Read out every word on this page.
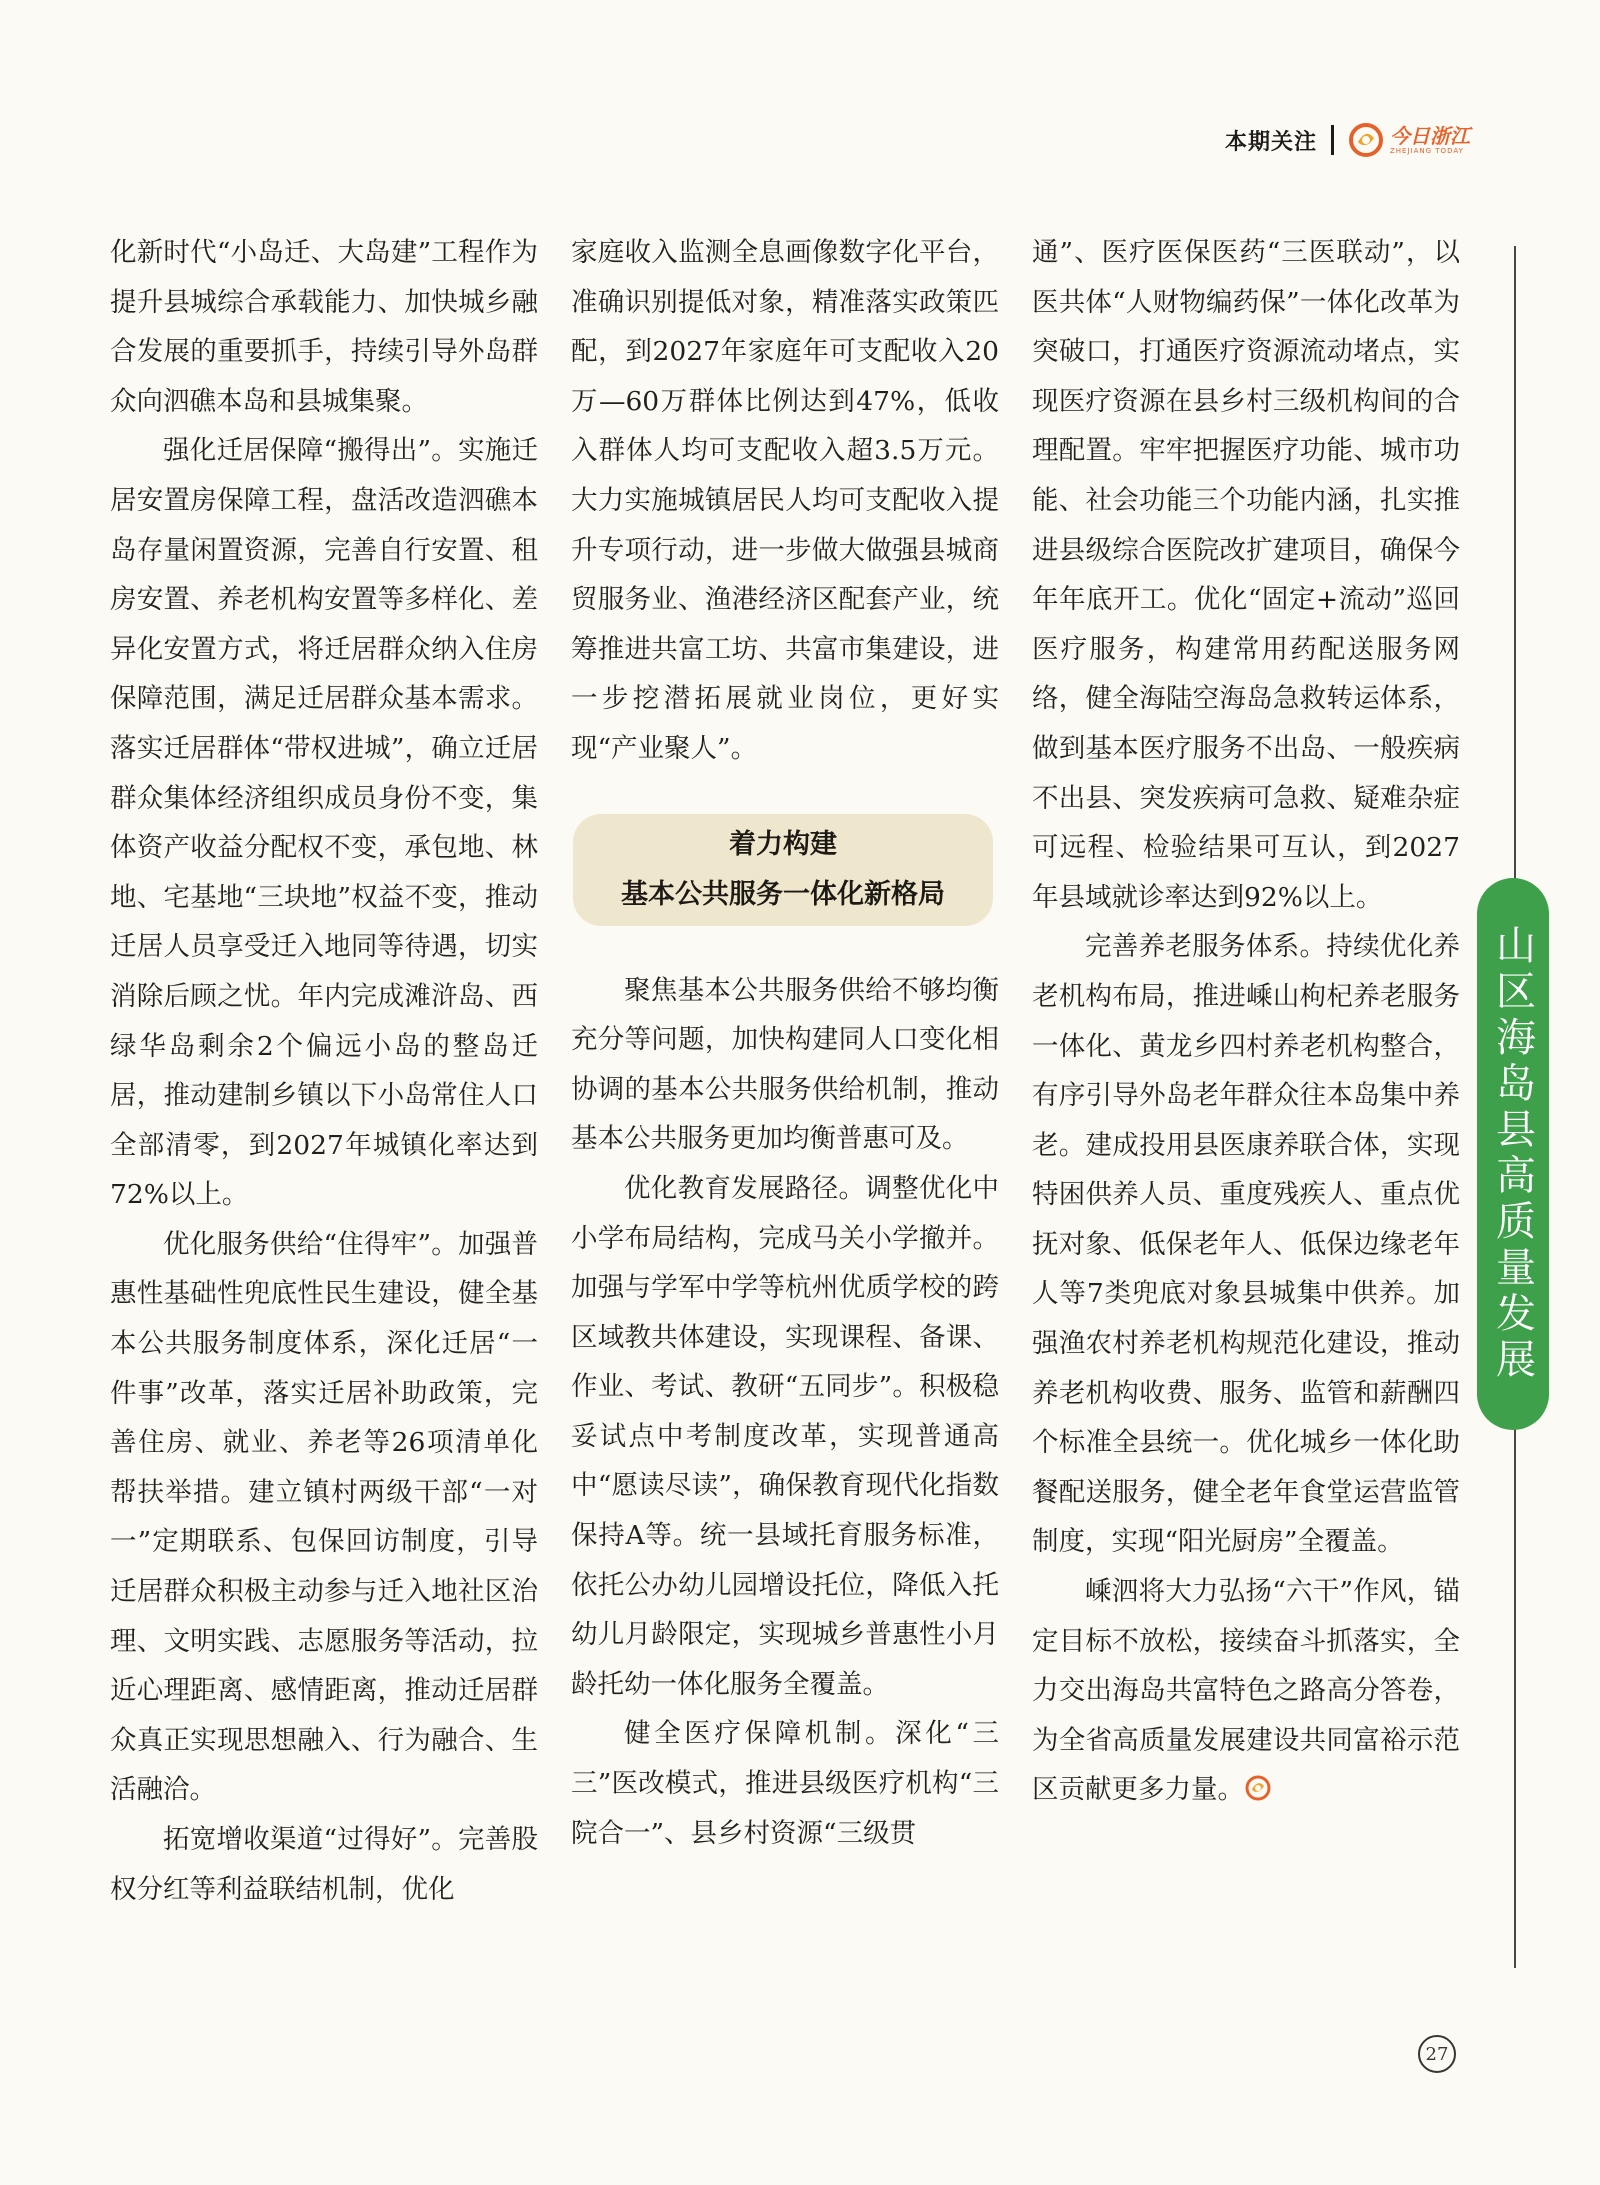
本期关注	今日浙江
ZHEJIANG TODAY

化新时代“小岛迁、大岛建”工程作为提升县城综合承载能力、加快城乡融合发展的重要抓手，持续引导外岛群众向泗礁本岛和县城集聚。

强化迁居保障“搬得出”。实施迁居安置房保障工程，盘活改造泗礁本岛存量闲置资源，完善自行安置、租房安置、养老机构安置等多样化、差异化安置方式，将迁居群众纳入住房保障范围，满足迁居群众基本需求。落实迁居群体“带权进城”，确立迁居群众集体经济组织成员身份不变，集体资产收益分配权不变，承包地、林地、宅基地“三块地”权益不变，推动迁居人员享受迁入地同等待遇，切实消除后顾之忧。年内完成滩浒岛、西绿华岛剩余2个偏远小岛的整岛迁居，推动建制乡镇以下小岛常住人口全部清零，到2027年城镇化率达到72%以上。

优化服务供给“住得牢”。加强普惠性基础性兜底性民生建设，健全基本公共服务制度体系，深化迁居“一件事”改革，落实迁居补助政策，完善住房、就业、养老等26项清单化帮扶举措。建立镇村两级干部“一对一”定期联系、包保回访制度，引导迁居群众积极主动参与迁入地社区治理、文明实践、志愿服务等活动，拉近心理距离、感情距离，推动迁居群众真正实现思想融入、行为融合、生活融洽。

拓宽增收渠道“过得好”。完善股权分红等利益联结机制，优化

家庭收入监测全息画像数字化平台，准确识别提低对象，精准落实政策匹配，到2027年家庭年可支配收入20万—60万群体比例达到47%，低收入群体人均可支配收入超3.5万元。大力实施城镇居民人均可支配收入提升专项行动，进一步做大做强县城商贸服务业、渔港经济区配套产业，统筹推进共富工坊、共富市集建设，进一步挖潜拓展就业岗位，更好实现“产业聚人”。

着力构建
基本公共服务一体化新格局

聚焦基本公共服务供给不够均衡充分等问题，加快构建同人口变化相协调的基本公共服务供给机制，推动基本公共服务更加均衡普惠可及。

优化教育发展路径。调整优化中小学布局结构，完成马关小学撤并。加强与学军中学等杭州优质学校的跨区域教共体建设，实现课程、备课、作业、考试、教研“五同步”。积极稳妥试点中考制度改革，实现普通高中“愿读尽读”，确保教育现代化指数保持A等。统一县域托育服务标准，依托公办幼儿园增设托位，降低入托幼儿月龄限定，实现城乡普惠性小月龄托幼一体化服务全覆盖。

健全医疗保障机制。深化“三三”医改模式，推进县级医疗机构“三院合一”、县乡村资源“三级贯

通”、医疗医保医药“三医联动”，以医共体“人财物编药保”一体化改革为突破口，打通医疗资源流动堵点，实现医疗资源在县乡村三级机构间的合理配置。牢牢把握医疗功能、城市功能、社会功能三个功能内涵，扎实推进县级综合医院改扩建项目，确保今年年底开工。优化“固定+流动”巡回医疗服务，构建常用药配送服务网络，健全海陆空海岛急救转运体系，做到基本医疗服务不出岛、一般疾病不出县、突发疾病可急救、疑难杂症可远程、检验结果可互认，到2027年县域就诊率达到92%以上。

完善养老服务体系。持续优化养老机构布局，推进嵊山枸杞养老服务一体化、黄龙乡四村养老机构整合，有序引导外岛老年群众往本岛集中养老。建成投用县医康养联合体，实现特困供养人员、重度残疾人、重点优抚对象、低保老年人、低保边缘老年人等7类兜底对象县城集中供养。加强渔农村养老机构规范化建设，推动养老机构收费、服务、监管和薪酬四个标准全县统一。优化城乡一体化助餐配送服务，健全老年食堂运营监管制度，实现“阳光厨房”全覆盖。

嵊泗将大力弘扬“六干”作风，锚定目标不放松，接续奋斗抓落实，全力交出海岛共富特色之路高分答卷，为全省高质量发展建设共同富裕示范区贡献更多力量。

山区海岛县高质量发展
27
